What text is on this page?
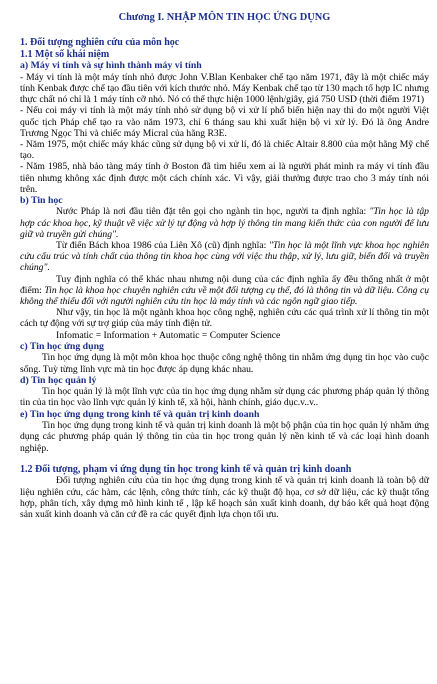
Chương I. NHẬP MÔN TIN HỌC ỨNG DỤNG
1. Đối tượng nghiên cứu của môn học
1.1 Một số khái niệm
a) Máy vi tính và sự hình thành máy vi tính

- Máy vi tính là một máy tính nhỏ được John V.Blan Kenbaker chế tạo năm 1971, đây là một chiếc máy tính Kenbak được chế tạo đầu tiên với kích thước nhỏ. Máy Kenbak chế tạo từ 130 mạch tổ hợp IC nhưng thực chất nó chỉ là 1 máy tính cỡ nhỏ. Nó có thể thực hiện 1000 lệnh/giây, giá 750 USD (thời điểm 1971)

- Nếu coi máy vi tính là một máy tính nhỏ sử dụng bộ vi xử lí phổ biến hiện nay thì do một người Việt quốc tịch Pháp chế tạo ra vào năm 1973, chỉ 6 tháng sau khi xuất hiện bộ vi xử lý. Đó là ông Andre Trương Ngọc Thi và chiếc máy Micral của hãng R3E.

- Năm 1975, một chiếc máy khác cũng sử dụng bộ vi xử lí, đó là chiếc Altair 8.800 của một hãng Mỹ chế tạo.

- Năm 1985, nhà bảo tàng máy tính ở Boston đã tìm hiểu xem ai là người phát minh ra máy vi tính đầu tiên nhưng không xác định được một cách chính xác. Vì vậy, giải thưởng được trao cho 3 máy tính nói trên.

b) Tin học

Nước Pháp là nơi đầu tiên đặt tên gọi cho ngành tin học, người ta định nghĩa: "Tin học là tập hợp các khoa học, kỹ thuật về việc xử lý tự động và hợp lý thông tin mang kiến thức của con người để lưu giữ và truyền gửi chúng".

Từ điển Bách khoa 1986 của Liên Xô (cũ) định nghĩa: "Tin học là một lĩnh vực khoa học nghiên cứu cấu trúc và tính chất của thông tin khoa học cùng với việc thu thập, xử lý, lưu giữ, biến đổi và truyền chúng".

Tuy định nghĩa có thể khác nhau nhưng nội dung của các định nghĩa ấy đều thống nhất ở một điểm: Tin học là khoa học chuyên nghiên cứu về một đối tượng cụ thể, đó là thông tin và dữ liệu. Công cụ không thể thiếu đối với người nghiên cứu tin học là máy tính và các ngôn ngữ giao tiếp.

Như vậy, tin học là một ngành khoa học công nghệ, nghiên cứu các quá trình xử lí thông tin một cách tự động với sự trợ giúp của máy tính điện tử.

Infomatic = Information + Automatic = Computer Science

c) Tin học ứng dụng

Tin học ứng dụng là một môn khoa học thuộc công nghệ thông tin nhằm ứng dụng tin học vào cuộc sống. Tuỳ từng lĩnh vực mà tin học được áp dụng khác nhau.

d) Tin học quản lý

Tin học quản lý là một lĩnh vực của tin học ứng dụng nhằm sử dụng các phương pháp quản lý thông tin của tin học vào lĩnh vực quản lý kinh tế, xã hội, hành chính, giáo dục.v..v..

e) Tin học ứng dụng trong kinh tế và quản trị kinh doanh

Tin học ứng dụng trong kinh tế và quản trị kinh doanh là một bộ phận của tin học quản lý nhằm ứng dụng các phương pháp quản lý thông tin của tin học trong quản lý nền kinh tế và các loại hình doanh nghiệp.

1.2 Đối tượng, phạm vi ứng dụng tin học trong kinh tế và quản trị kinh doanh

Đối tượng nghiên cứu của tin học ứng dụng trong kinh tế và quản trị kinh doanh là toàn bộ dữ liệu nghiên cứu, các hàm, các lệnh, công thức tính, các kỹ thuật độ họa, cơ sở dữ liệu, các kỹ thuật tổng hợp, phân tích, xây dựng mô hình kinh tế , lập kế hoạch sản xuất kinh doanh, dự báo kết quả hoạt động sản xuất kinh doanh và căn cứ đề ra các quyết định lựa chọn tối ưu.
